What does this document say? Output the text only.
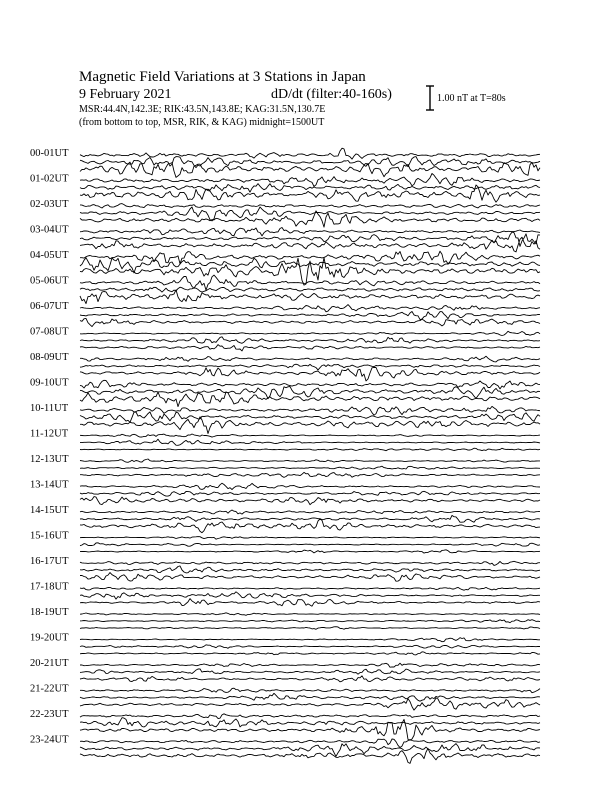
Magnetic Field Variations at 3 Stations in Japan
9 February 2021	dD/dt (filter:40-160s)
MSR:44.4N,142.3E; RIK:43.5N,143.8E; KAG:31.5N,130.7E
(from bottom to top, MSR, RIK, & KAG) midnight=1500UT
1.00 nT at T=80s
00-01UT
01-02UT
02-03UT
03-04UT
04-05UT
05-06UT
06-07UT
07-08UT
08-09UT
09-10UT
10-11UT
11-12UT
12-13UT
13-14UT
14-15UT
15-16UT
16-17UT
17-18UT
18-19UT
19-20UT
20-21UT
21-22UT
22-23UT
23-24UT
